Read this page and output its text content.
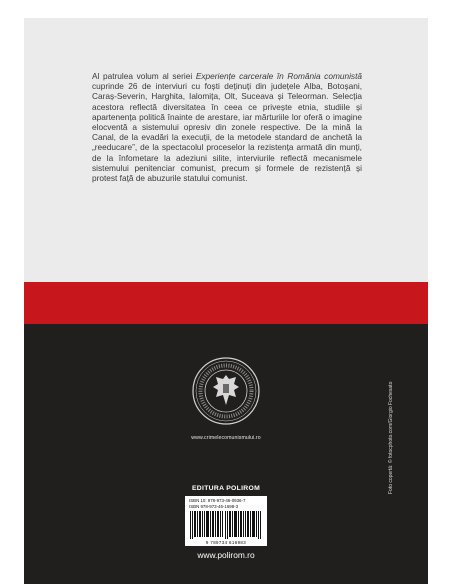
Al patrulea volum al seriei Experiențe carcerale în România comunistă cuprinde 26 de interviuri cu foști deținuți din județele Alba, Botoșani, Caraș-Severin, Harghita, Ialomița, Olt, Suceava și Teleorman. Selecția acestora reflectă diversitatea în ceea ce privește etnia, studiile și apartenența politică înainte de arestare, iar mărturiile lor oferă o imagine elocventă a sistemului opresiv din zonele respective. De la mină la Canal, de la evadări la execuții, de la metodele standard de anchetă la „reeducare”, de la spectacolul proceselor la rezistența armată din munți, de la înfometare la adeziuni silite, interviurile reflectă mecanismele sistemului penitenciar comunist, precum și formele de rezistență și protest față de abuzurile statului comunist.

www.crimelecomunismului.ro	Foto copertă: © fotocphoto.com/Giorgio Fochesato
EDITURA POLIROM
ISBN 10: 978-973-46-0936-7
ISBN 978-973-46-1698-3
9 789734 616983
www.polirom.ro
